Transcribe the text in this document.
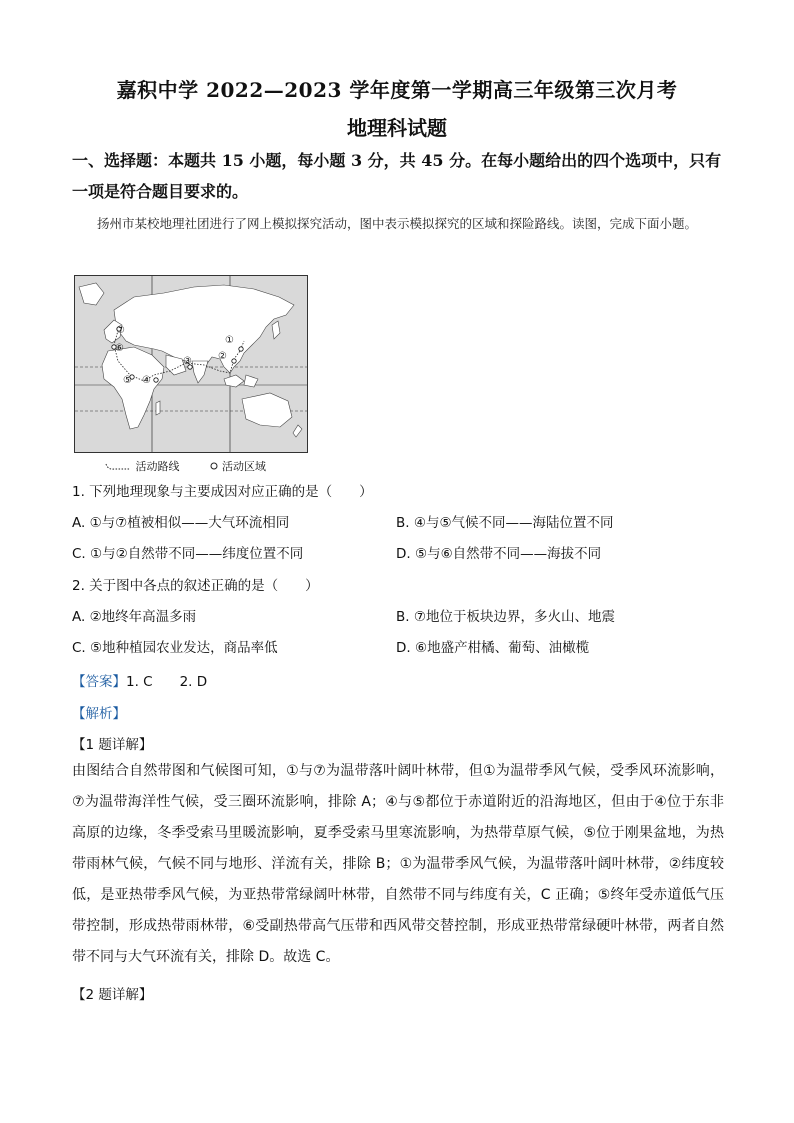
嘉积中学 2022—2023 学年度第一学期高三年级第三次月考
地理科试题
一、选择题：本题共 15 小题，每小题 3 分，共 45 分。在每小题给出的四个选项中，只有一项是符合题目要求的。
扬州市某校地理社团进行了网上模拟探究活动，图中表示模拟探究的区域和探险路线。读图，完成下面小题。
①
②
③
④
⑤
⑥
⑦
活动路线	活动区域
1. 下列地理现象与主要成因对应正确的是（　　）
A. ①与⑦植被相似——大气环流相同	B. ④与⑤气候不同——海陆位置不同
C. ①与②自然带不同——纬度位置不同	D. ⑤与⑥自然带不同——海拔不同
2. 关于图中各点的叙述正确的是（　　）
A. ②地终年高温多雨	B. ⑦地位于板块边界，多火山、地震
C. ⑤地种植园农业发达，商品率低	D. ⑥地盛产柑橘、葡萄、油橄榄
【答案】1. C　　2. D
【解析】
【1 题详解】
由图结合自然带图和气候图可知，①与⑦为温带落叶阔叶林带，但①为温带季风气候，受季风环流影响，⑦为温带海洋性气候，受三圈环流影响，排除 A；④与⑤都位于赤道附近的沿海地区，但由于④位于东非高原的边缘，冬季受索马里暖流影响，夏季受索马里寒流影响，为热带草原气候，⑤位于刚果盆地，为热带雨林气候，气候不同与地形、洋流有关，排除 B；①为温带季风气候，为温带落叶阔叶林带，②纬度较低，是亚热带季风气候，为亚热带常绿阔叶林带，自然带不同与纬度有关，C 正确；⑤终年受赤道低气压带控制，形成热带雨林带，⑥受副热带高气压带和西风带交替控制，形成亚热带常绿硬叶林带，两者自然带不同与大气环流有关，排除 D。故选 C。
【2 题详解】
